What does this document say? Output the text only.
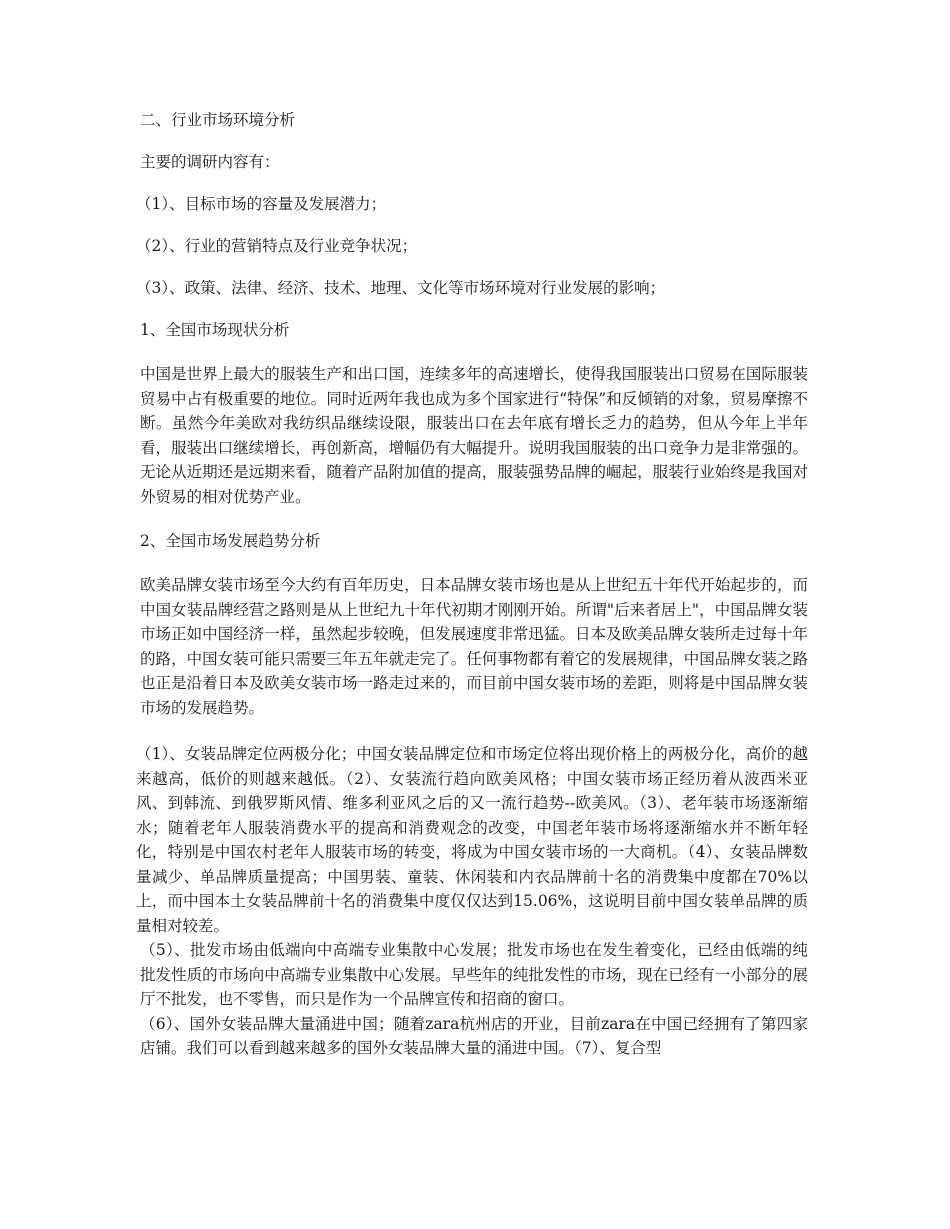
二、行业市场环境分析
主要的调研内容有：
（1）、目标市场的容量及发展潜力；
（2）、行业的营销特点及行业竞争状况；
（3）、政策、法律、经济、技术、地理、文化等市场环境对行业发展的影响；
1、全国市场现状分析
中国是世界上最大的服装生产和出口国，连续多年的高速增长，使得我国服装出口贸易在国际服装贸易中占有极重要的地位。同时近两年我也成为多个国家进行“特保”和反倾销的对象，贸易摩擦不断。虽然今年美欧对我纺织品继续设限，服装出口在去年底有增长乏力的趋势，但从今年上半年看，服装出口继续增长，再创新高，增幅仍有大幅提升。说明我国服装的出口竞争力是非常强的。无论从近期还是远期来看，随着产品附加值的提高，服装强势品牌的崛起，服装行业始终是我国对外贸易的相对优势产业。
2、全国市场发展趋势分析
欧美品牌女装市场至今大约有百年历史，日本品牌女装市场也是从上世纪五十年代开始起步的，而中国女装品牌经营之路则是从上世纪九十年代初期才刚刚开始。所谓"后来者居上"，中国品牌女装市场正如中国经济一样，虽然起步较晚，但发展速度非常迅猛。日本及欧美品牌女装所走过每十年的路，中国女装可能只需要三年五年就走完了。任何事物都有着它的发展规律，中国品牌女装之路也正是沿着日本及欧美女装市场一路走过来的，而目前中国女装市场的差距，则将是中国品牌女装市场的发展趋势。
（1）、女装品牌定位两极分化；中国女装品牌定位和市场定位将出现价格上的两极分化，高价的越来越高，低价的则越来越低。（2）、女装流行趋向欧美风格；中国女装市场正经历着从波西米亚风、到韩流、到俄罗斯风情、维多利亚风之后的又一流行趋势--欧美风。（3）、老年装市场逐渐缩水；随着老年人服装消费水平的提高和消费观念的改变，中国老年装市场将逐渐缩水并不断年轻化，特别是中国农村老年人服装市场的转变，将成为中国女装市场的一大商机。（4）、女装品牌数量减少、单品牌质量提高；中国男装、童装、休闲装和内衣品牌前十名的消费集中度都在70%以上，而中国本土女装品牌前十名的消费集中度仅仅达到15.06%，这说明目前中国女装单品牌的质量相对较差。
（5）、批发市场由低端向中高端专业集散中心发展；批发市场也在发生着变化，已经由低端的纯批发性质的市场向中高端专业集散中心发展。早些年的纯批发性的市场，现在已经有一小部分的展厅不批发，也不零售，而只是作为一个品牌宣传和招商的窗口。
（6）、国外女装品牌大量涌进中国；随着zara杭州店的开业，目前zara在中国已经拥有了第四家店铺。我们可以看到越来越多的国外女装品牌大量的涌进中国。（7）、复合型
